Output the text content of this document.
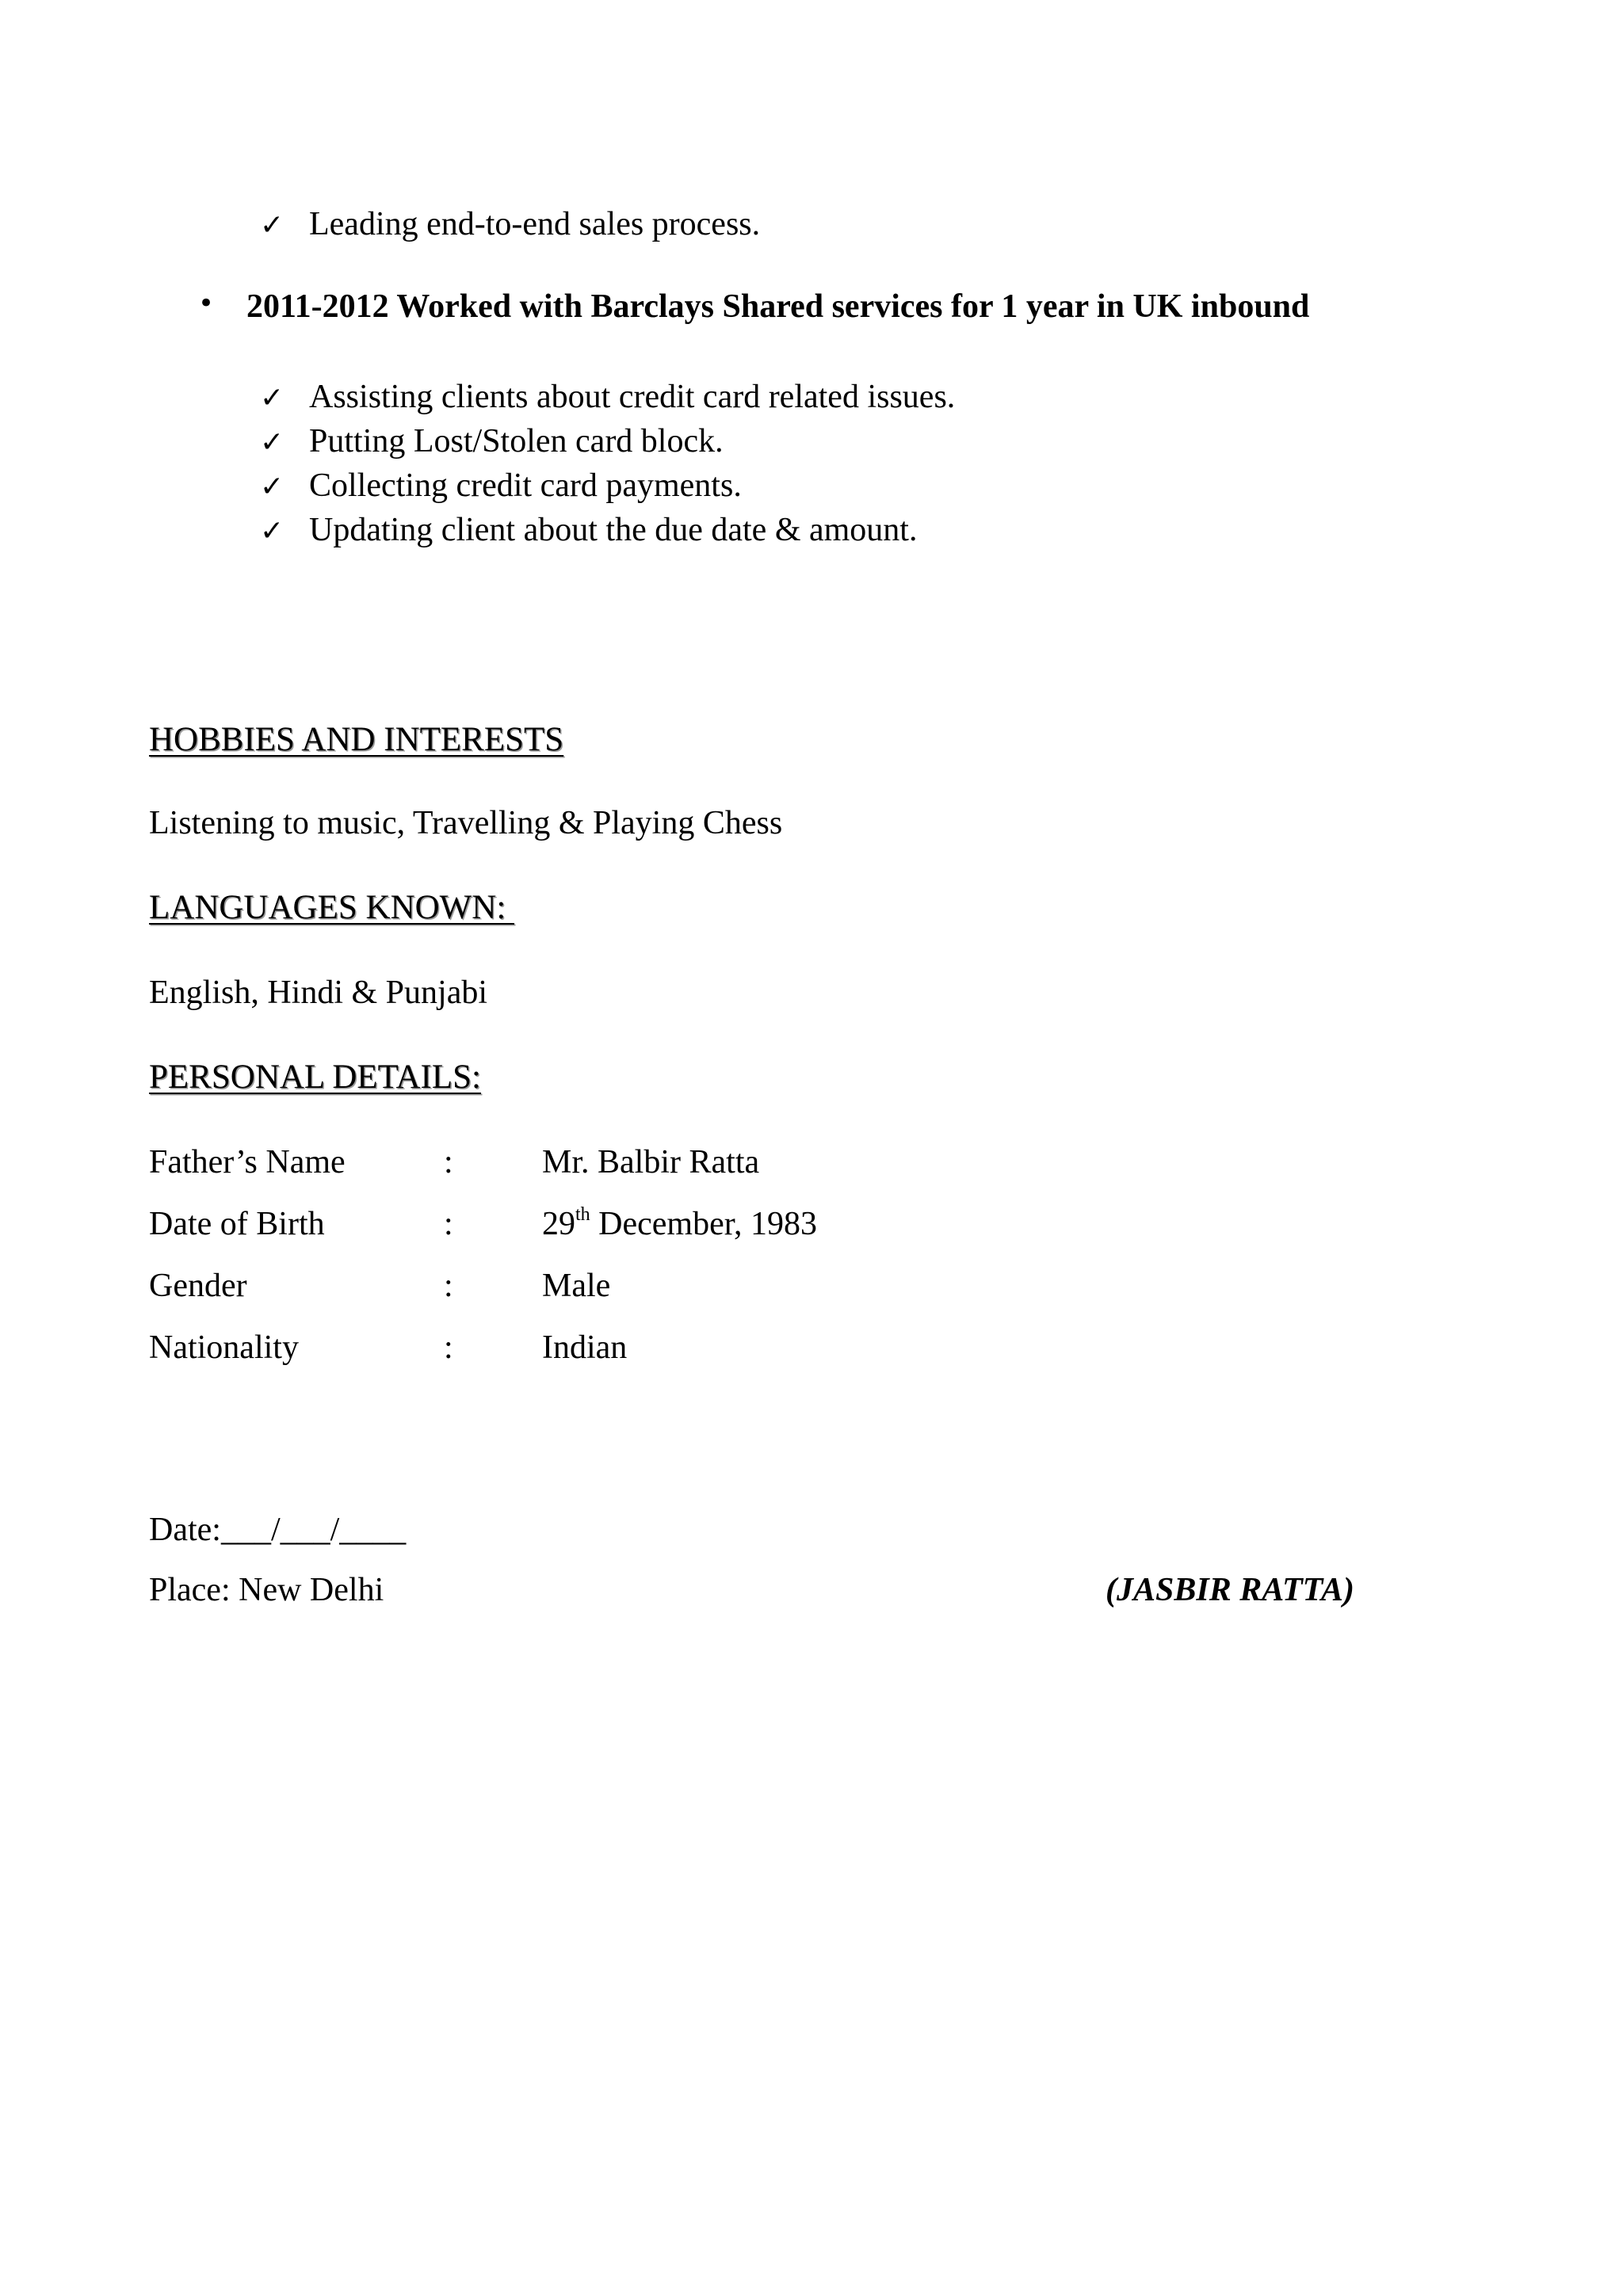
✓ Leading end-to-end sales process.
• 2011-2012 Worked with Barclays Shared services for 1 year in UK inbound
✓ Assisting clients about credit card related issues.
✓ Putting Lost/Stolen card block.
✓ Collecting credit card payments.
✓ Updating client about the due date & amount.
HOBBIES AND INTERESTS
Listening to music, Travelling & Playing Chess
LANGUAGES KNOWN:
English, Hindi & Punjabi
PERSONAL DETAILS:
Father’s Name	:	Mr. Balbir Ratta
Date of Birth	:	29th December, 1983
Gender	:	Male
Nationality	:	Indian
Date:___/___/____
Place: New Delhi	(JASBIR RATTA)
